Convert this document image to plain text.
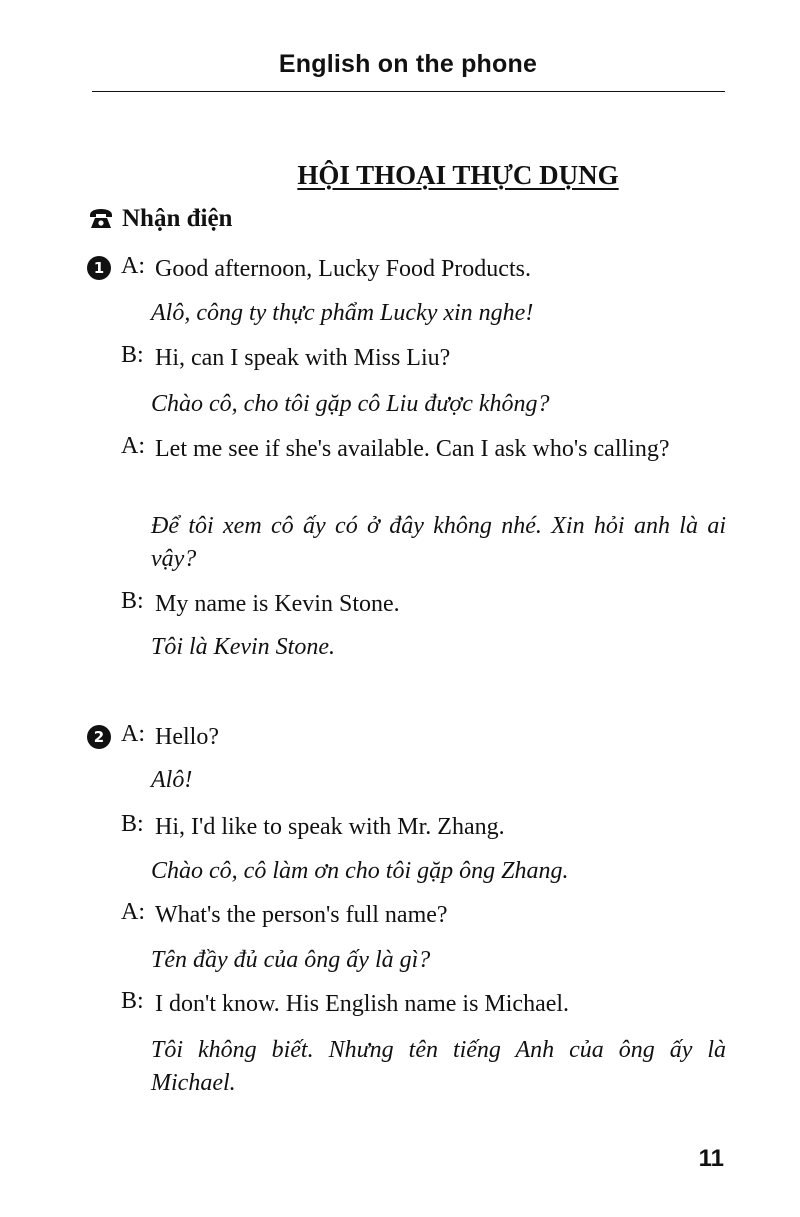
English on the phone
HỘI THOẠI THỰC DỤNG
Nhận điện
1 A: Good afternoon, Lucky Food Products.
Alô, công ty thực phẩm Lucky xin nghe!
B: Hi, can I speak with Miss Liu?
Chào cô, cho tôi gặp cô Liu được không?
A: Let me see if she's available. Can I ask who's calling?
Để tôi xem cô ấy có ở đây không nhé. Xin hỏi anh là ai vậy?
B: My name is Kevin Stone.
Tôi là Kevin Stone.
2 A: Hello?
Alô!
B: Hi, I'd like to speak with Mr. Zhang.
Chào cô, cô làm ơn cho tôi gặp ông Zhang.
A: What's the person's full name?
Tên đầy đủ của ông ấy là gì?
B: I don't know. His English name is Michael.
Tôi không biết. Nhưng tên tiếng Anh của ông ấy là Michael.
11
